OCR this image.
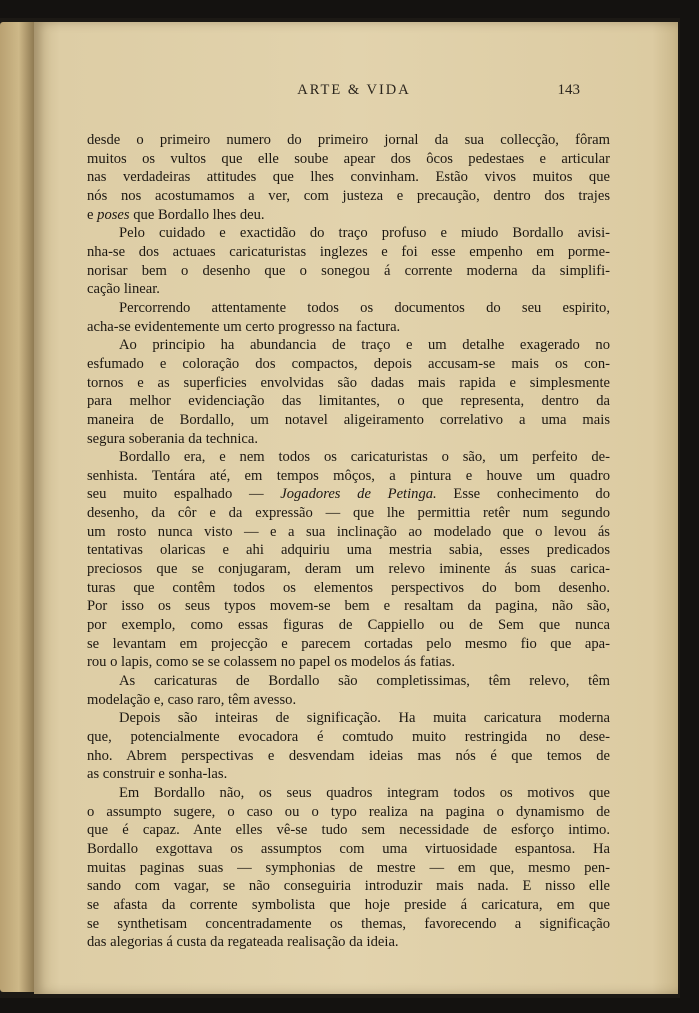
ARTE & VIDA	143

desde o primeiro numero do primeiro jornal da sua collecção, fôram

muitos os vultos que elle soube apear dos ôcos pedestaes e articular

nas verdadeiras attitudes que lhes convinham. Estão vivos muitos que

nós nos acostumamos a ver, com justeza e precaução, dentro dos trajes

e poses que Bordallo lhes deu.

Pelo cuidado e exactidão do traço profuso e miudo Bordallo avisi-

nha-se dos actuaes caricaturistas inglezes e foi esse empenho em pormе-

norisar bem o desenho que o sonegou á corrente moderna da simplifi-

cação linear.

Percorrendo attentamente todos os documentos do seu espirito,

acha-se evidentemente um certo progresso na factura.

Ao principio ha abundancia de traço e um detalhe exagerado no

esfumado e coloração dos compactos, depois accusam-se mais os con-

tornos e as superficies envolvidas são dadas mais rapida e simplesmente

para melhor evidenciação das limitantes, o que representa, dentro da

maneira de Bordallo, um notavel aligeiramento correlativo a uma mais

segura soberania da technica.

Bordallo era, e nem todos os caricaturistas o são, um perfeito de-

senhista. Tentára até, em tempos môços, a pintura e houve um quadro

seu muito espalhado — Jogadores de Petinga. Esse conhecimento do

desenho, da côr e da expressão — que lhe permittia retêr num segundo

um rosto nunca visto — e a sua inclinação ao modelado que o levou ás

tentativas olaricas e ahi adquiriu uma mestria sabia, esses predicados

preciosos que se conjugaram, deram um relevo iminente ás suas carica-

turas que contêm todos os elementos perspectivos do bom desenho.

Por isso os seus typos movem-se bem e resaltam da pagina, não são,

por exemplo, como essas figuras de Cappiello ou de Sem que nunca

se levantam em projecção e parecem cortadas pelo mesmo fio que apa-

rou o lapis, como se se colassem no papel os modelos ás fatias.

As caricaturas de Bordallo são completissimas, têm relevo, têm

modelação e, caso raro, têm avesso.

Depois são inteiras de significação. Ha muita caricatura moderna

que, potencialmente evocadora é comtudo muito restringida no dese-

nho. Abrem perspectivas e desvendam ideias mas nós é que temos de

as construir e sonha-las.

Em Bordallo não, os seus quadros integram todos os motivos que

o assumpto sugere, o caso ou o typo realiza na pagina o dynamismo de

que é capaz. Ante elles vê-se tudo sem necessidade de esforço intimo.

Bordallo exgottava os assumptos com uma virtuosidade espantosa. Ha

muitas paginas suas — symphonias de mestre — em que, mesmo pen-

sando com vagar, se não conseguiria introduzir mais nada. E nisso elle

se afasta da corrente symbolista que hoje preside á caricatura, em que

se synthetisam concentradamente os themas, favorecendo a significação

das alegorias á custa da regateada realisação da ideia.
